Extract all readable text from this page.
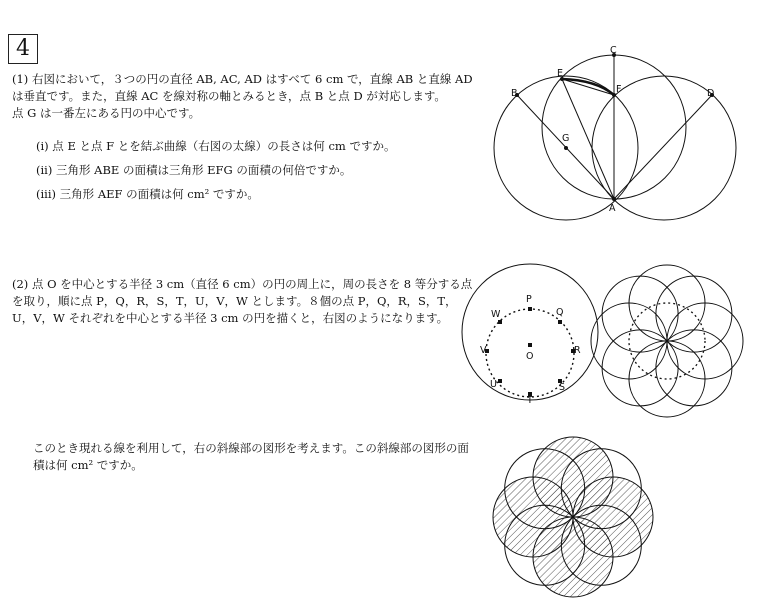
4
(1) 右図において，３つの円の直径 AB, AC, AD はすべて 6 cm で，直線 AB と直線 AD
は垂直です。また，直線 AC を線対称の軸とみるとき，点 B と点 D が対応します。
点 G は一番左にある円の中心です。
(i) 点 E と点 F とを結ぶ曲線（右図の太線）の長さは何 cm ですか。
(ii) 三角形 ABE の面積は三角形 EFG の面積の何倍ですか。
(iii) 三角形 AEF の面積は何 cm² ですか。
(2) 点 O を中心とする半径 3 cm（直径 6 cm）の円の周上に，周の長さを 8 等分する点
を取り，順に点 P，Q，R，S，T，U，V，W とします。８個の点 P，Q，R，S，T，
U，V，W それぞれを中心とする半径 3 cm の円を描くと，右図のようになります。
このとき現れる線を利用して，右の斜線部の図形を考えます。この斜線部の図形の面
積は何 cm² ですか。
A
B
C
D
E
F
G
O
P
Q
R
S
T
U
V
W
